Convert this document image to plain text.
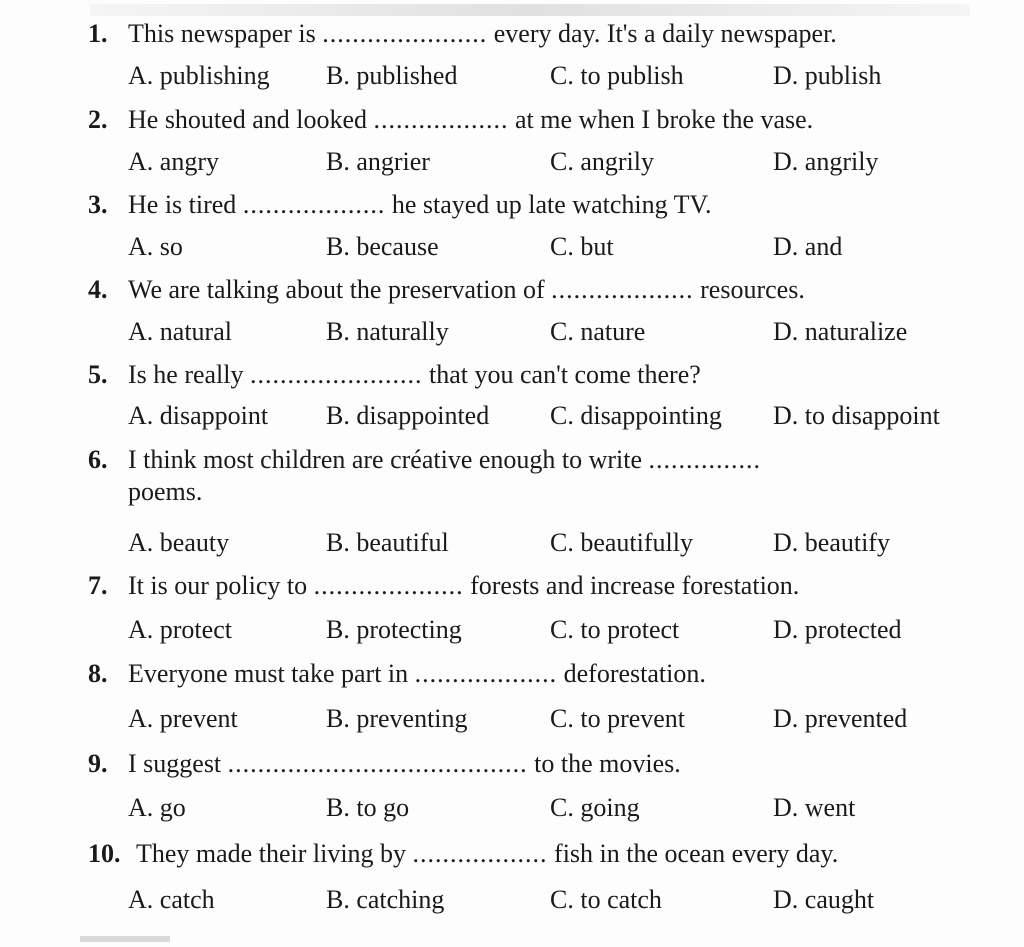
1. This newspaper is ...................... every day. It's a daily newspaper.
A. publishing B. published	C. to publish	D. publish
2. He shouted and looked .................. at me when I broke the vase.
A. angry	B. angrier	C. angrily	D. angrily
3. He is tired ................... he stayed up late watching TV.
A. so	B. because	C. but	D. and
4. We are talking about the preservation of ................... resources.
A. natural	B. naturally	C. nature	D. naturalize
5. Is he really ....................... that you can't come there?
A. disappoint B. disappointed C. disappointing D. to disappoint
6. I think most children are créative enough to write ...............
poems.
A. beauty	B. beautiful	C. beautifully	D. beautify
7. It is our policy to .................... forests and increase forestation.
A. protect	B. protecting	C. to protect	D. protected
8. Everyone must take part in ................... deforestation.
A. prevent	B. preventing	C. to prevent	D. prevented
9. I suggest ........................................ to the movies.
A. go	B. to go	C. going	D. went
10. They made their living by .................. fish in the ocean every day.
A. catch	B. catching	C. to catch	D. caught
